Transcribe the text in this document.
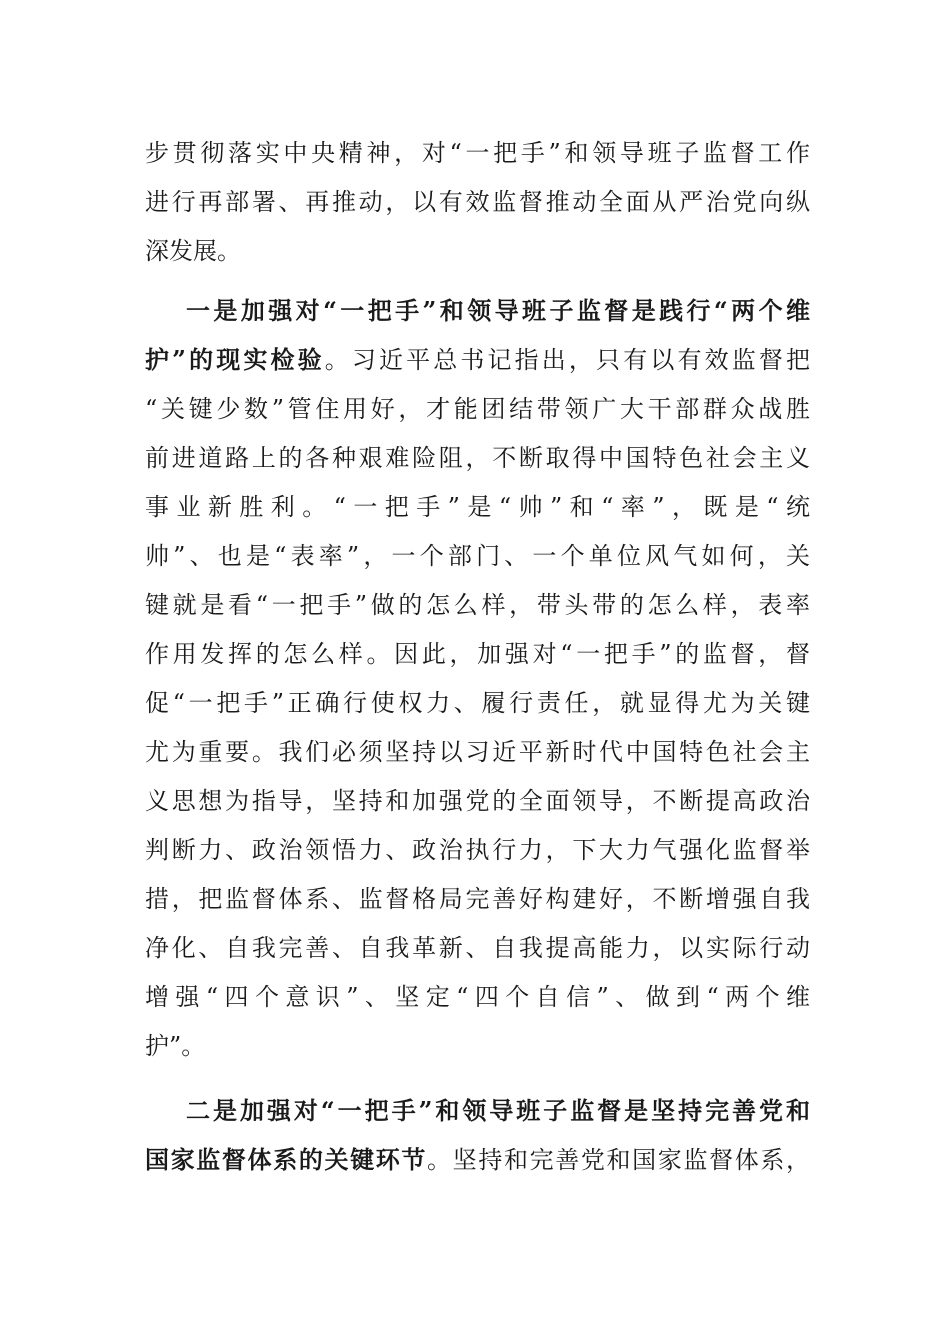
步贯彻落实中央精神，对“一把手”和领导班子监督工作
进行再部署、再推动，以有效监督推动全面从严治党向纵
深发展。
一是加强对“一把手”和领导班子监督是践行“两个维
护”的现实检验。习近平总书记指出，只有以有效监督把
“关键少数”管住用好，才能团结带领广大干部群众战胜
前进道路上的各种艰难险阻，不断取得中国特色社会主义
事业新胜利。“一把手”是“帅”和“率”，既是“统
帅”、也是“表率”，一个部门、一个单位风气如何，关
键就是看“一把手”做的怎么样，带头带的怎么样，表率
作用发挥的怎么样。因此，加强对“一把手”的监督，督
促“一把手”正确行使权力、履行责任，就显得尤为关键
尤为重要。我们必须坚持以习近平新时代中国特色社会主
义思想为指导，坚持和加强党的全面领导，不断提高政治
判断力、政治领悟力、政治执行力，下大力气强化监督举
措，把监督体系、监督格局完善好构建好，不断增强自我
净化、自我完善、自我革新、自我提高能力，以实际行动
增强“四个意识”、坚定“四个自信”、做到“两个维
护”。
二是加强对“一把手”和领导班子监督是坚持完善党和
国家监督体系的关键环节。坚持和完善党和国家监督体系，
